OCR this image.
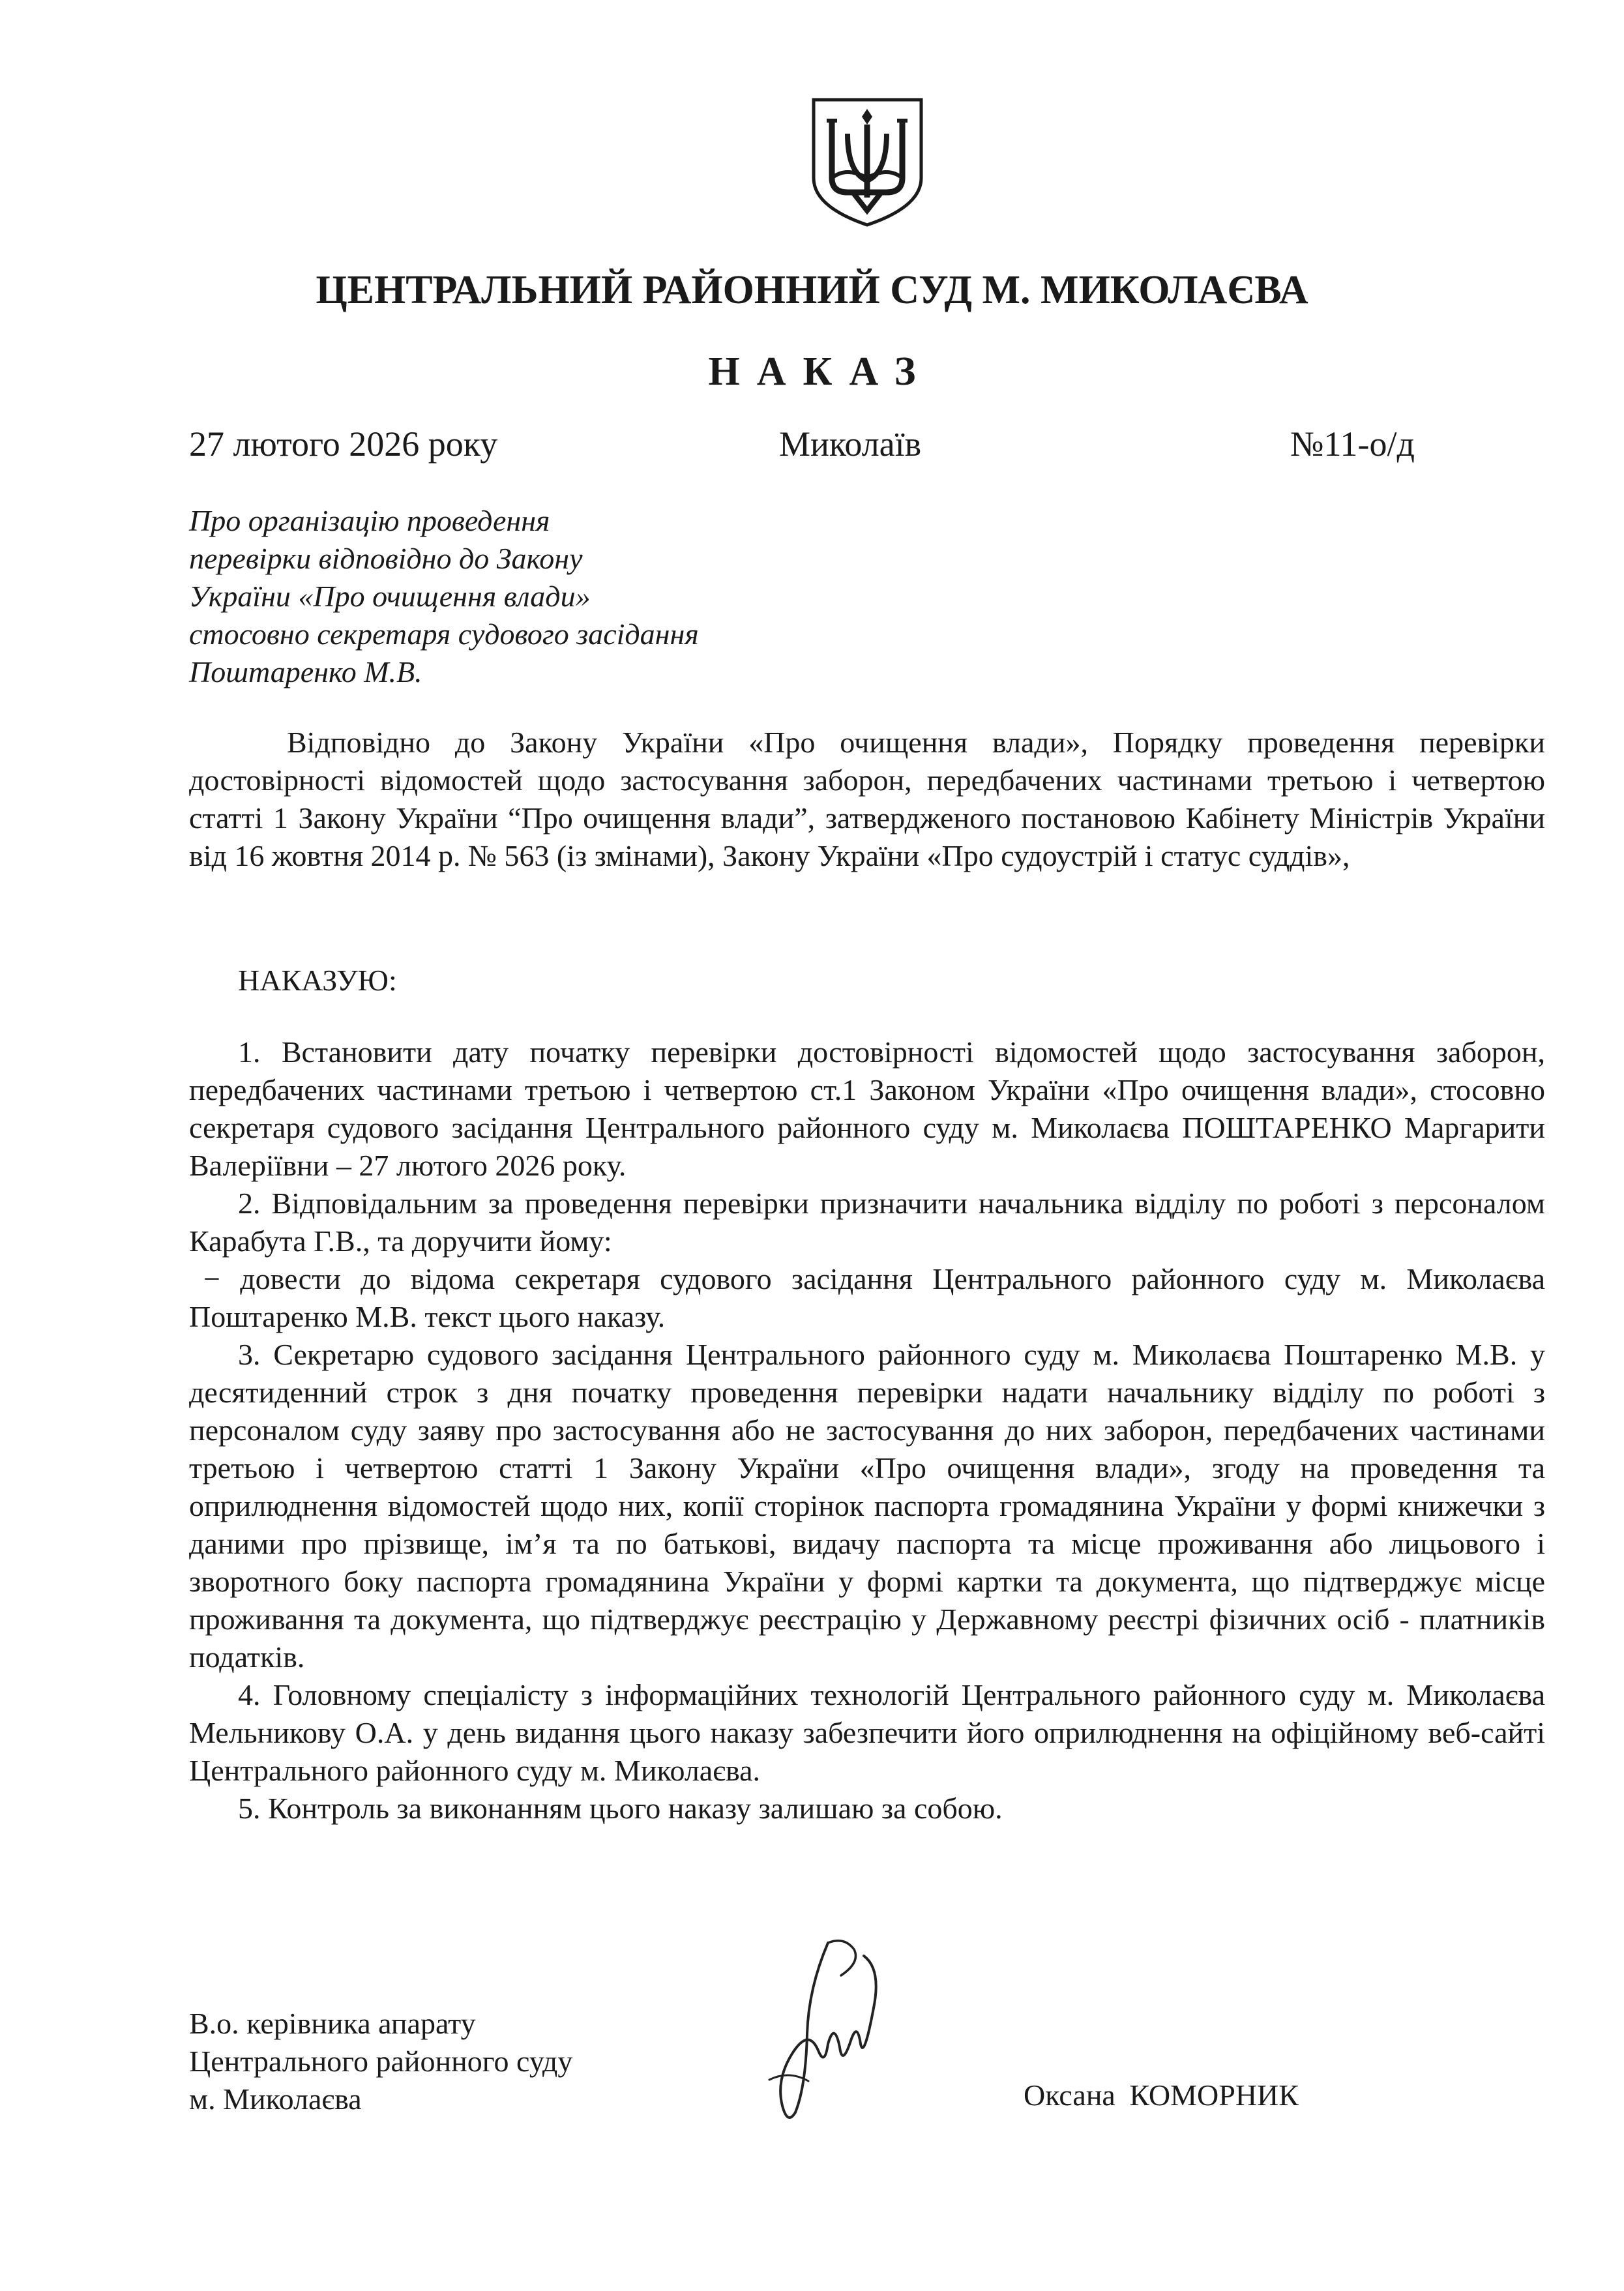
ЦЕНТРАЛЬНИЙ РАЙОННИЙ СУД М. МИКОЛАЄВА
НАКАЗ
27 лютого 2026 року	Миколаїв	№11-о/д
Про організацію проведення
перевірки відповідно до Закону
України «Про очищення влади»
стосовно секретаря судового засідання
Поштаренко М.В.

Відповідно до Закону України «Про очищення влади», Порядку проведення перевірки достовірності відомостей щодо застосування заборон, передбачених частинами третьою і четвертою статті 1 Закону України “Про очищення влади”, затвердженого постановою Кабінету Міністрів України від 16 жовтня 2014 р. № 563 (із змінами), Закону України «Про судоустрій і статус суддів»,

НАКАЗУЮ:

1. Встановити дату початку перевірки достовірності відомостей щодо застосування заборон, передбачених частинами третьою і четвертою ст.1 Законом України «Про очищення влади», стосовно секретаря судового засідання Центрального районного суду м. Миколаєва ПОШТАРЕНКО Маргарити Валеріївни – 27 лютого 2026 року.

2. Відповідальним за проведення перевірки призначити начальника відділу по роботі з персоналом Карабута Г.В., та доручити йому:

− довести до відома секретаря судового засідання Центрального районного суду м. Миколаєва Поштаренко М.В. текст цього наказу.

3. Секретарю судового засідання Центрального районного суду м. Миколаєва Поштаренко М.В. у десятиденний строк з дня початку проведення перевірки надати начальнику відділу по роботі з персоналом суду заяву про застосування або не застосування до них заборон, передбачених частинами третьою і четвертою статті 1 Закону України «Про очищення влади», згоду на проведення та оприлюднення відомостей щодо них, копії сторінок паспорта громадянина України у формі книжечки з даними про прізвище, ім’я та по батькові, видачу паспорта та місце проживання або лицьового і зворотного боку паспорта громадянина України у формі картки та документа, що підтверджує місце проживання та документа, що підтверджує реєстрацію у Державному реєстрі фізичних осіб - платників податків.

4. Головному спеціалісту з інформаційних технологій Центрального районного суду м. Миколаєва Мельникову О.А. у день видання цього наказу забезпечити його оприлюднення на офіційному веб-сайті Центрального районного суду м. Миколаєва.

5. Контроль за виконанням цього наказу залишаю за собою.

В.о. керівника апарату
Центрального районного суду
м. Миколаєва	Оксана КОМОРНИК
